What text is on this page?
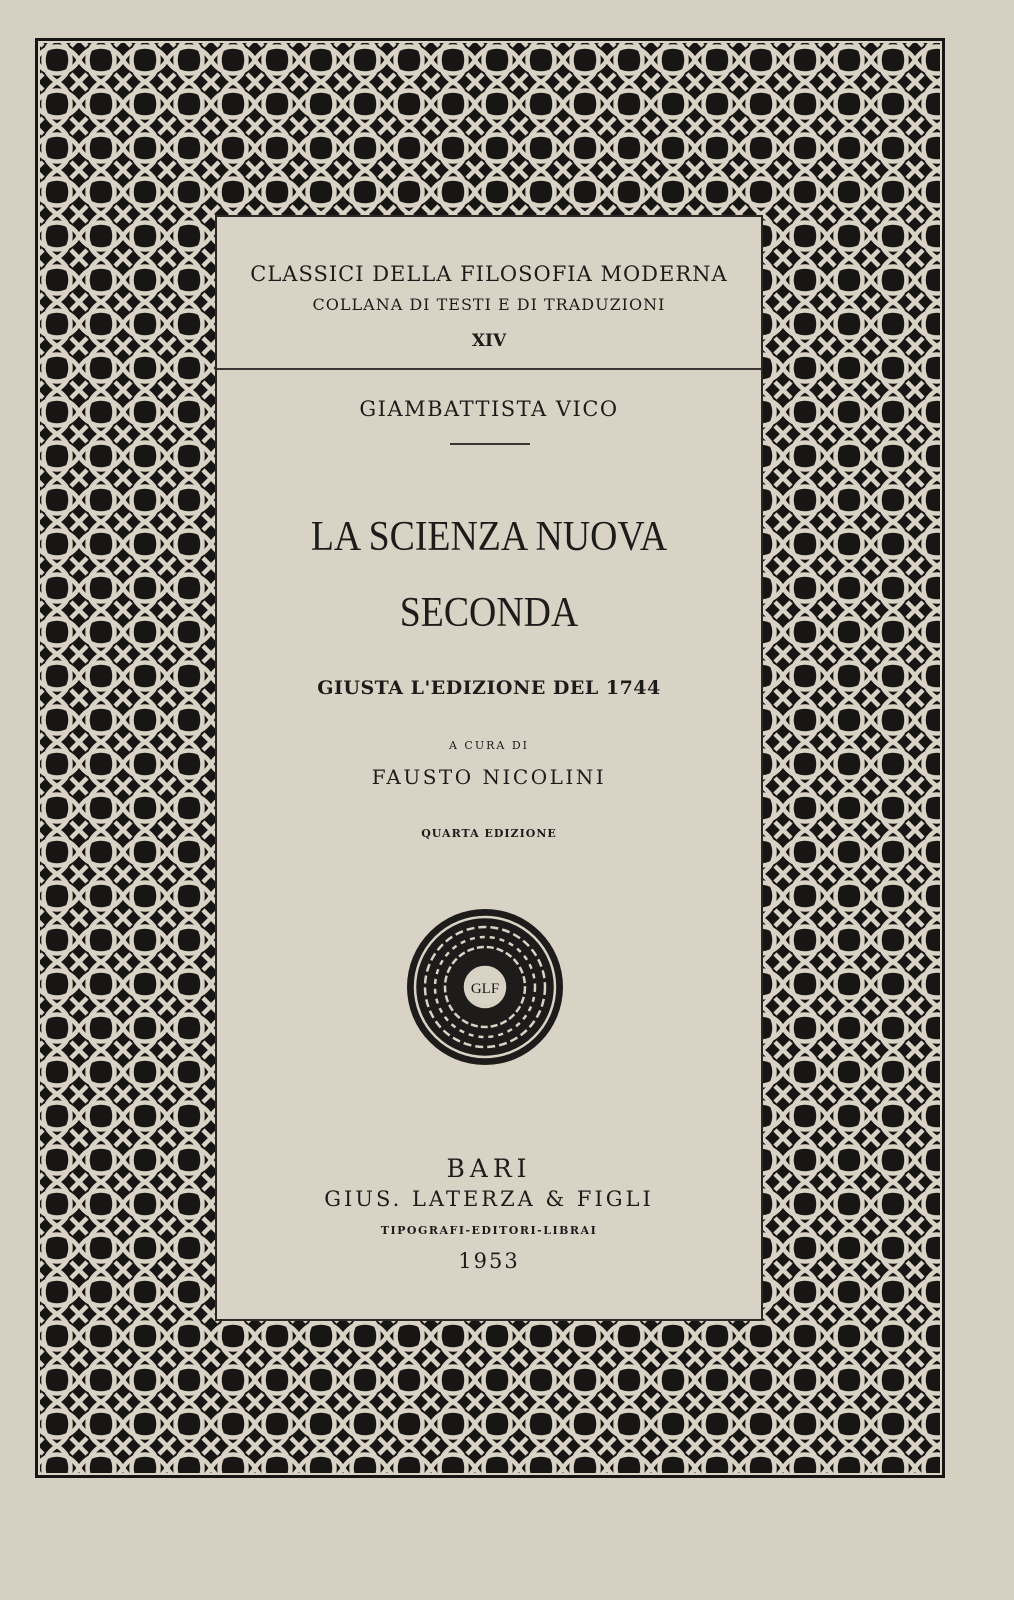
CLASSICI DELLA FILOSOFIA MODERNA
COLLANA DI TESTI E DI TRADUZIONI
XIV
GIAMBATTISTA VICO
LA SCIENZA NUOVA
SECONDA
GIUSTA L'EDIZIONE DEL 1744
A CURA DI
FAUSTO NICOLINI
QUARTA EDIZIONE
GLF
BARI
GIUS. LATERZA & FIGLI
TIPOGRAFI-EDITORI-LIBRAI
1953
